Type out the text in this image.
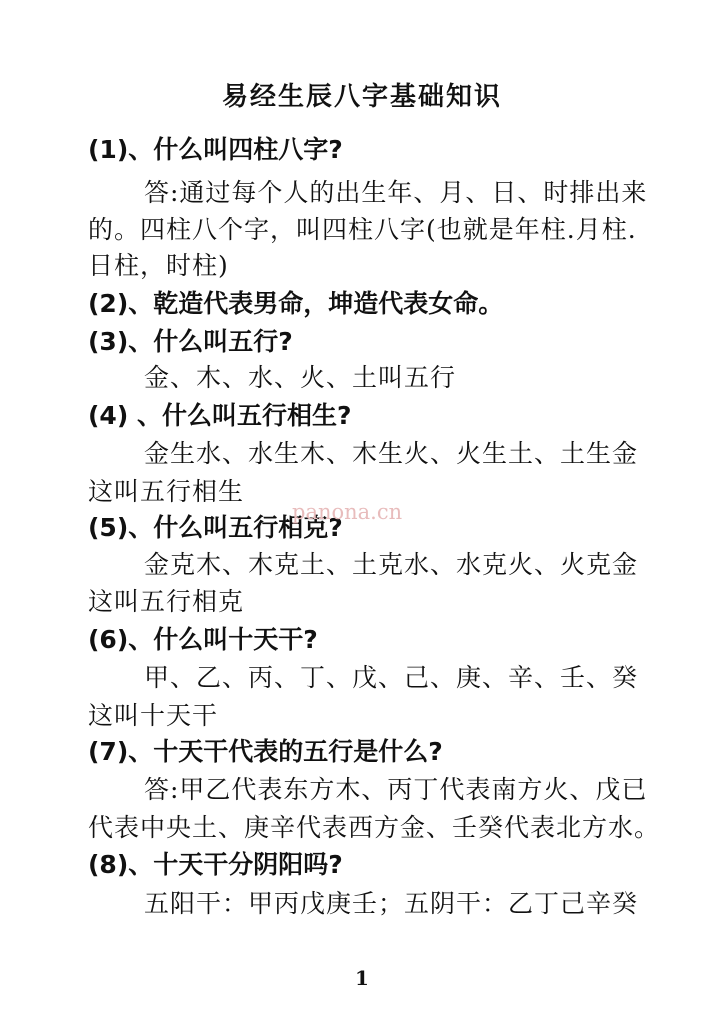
易经生辰八字基础知识
(1)、什么叫四柱八字?
答:通过每个人的出生年、月、日、时排出来
的。四柱八个字，叫四柱八字(也就是年柱.月柱.
日柱，时柱)
(2)、乾造代表男命，坤造代表女命。
(3)、什么叫五行?
金、木、水、火、土叫五行
(4) 、什么叫五行相生?
金生水、水生木、木生火、火生土、土生金
这叫五行相生
(5)、什么叫五行相克?
金克木、木克土、土克水、水克火、火克金
这叫五行相克
(6)、什么叫十天干?
甲、乙、丙、丁、戊、己、庚、辛、壬、癸
这叫十天干
(7)、十天干代表的五行是什么?
答:甲乙代表东方木、丙丁代表南方火、戊已
代表中央土、庚辛代表西方金、壬癸代表北方水。
(8)、十天干分阴阳吗?
五阳干：甲丙戊庚壬；五阴干：乙丁己辛癸
panona.cn
1
